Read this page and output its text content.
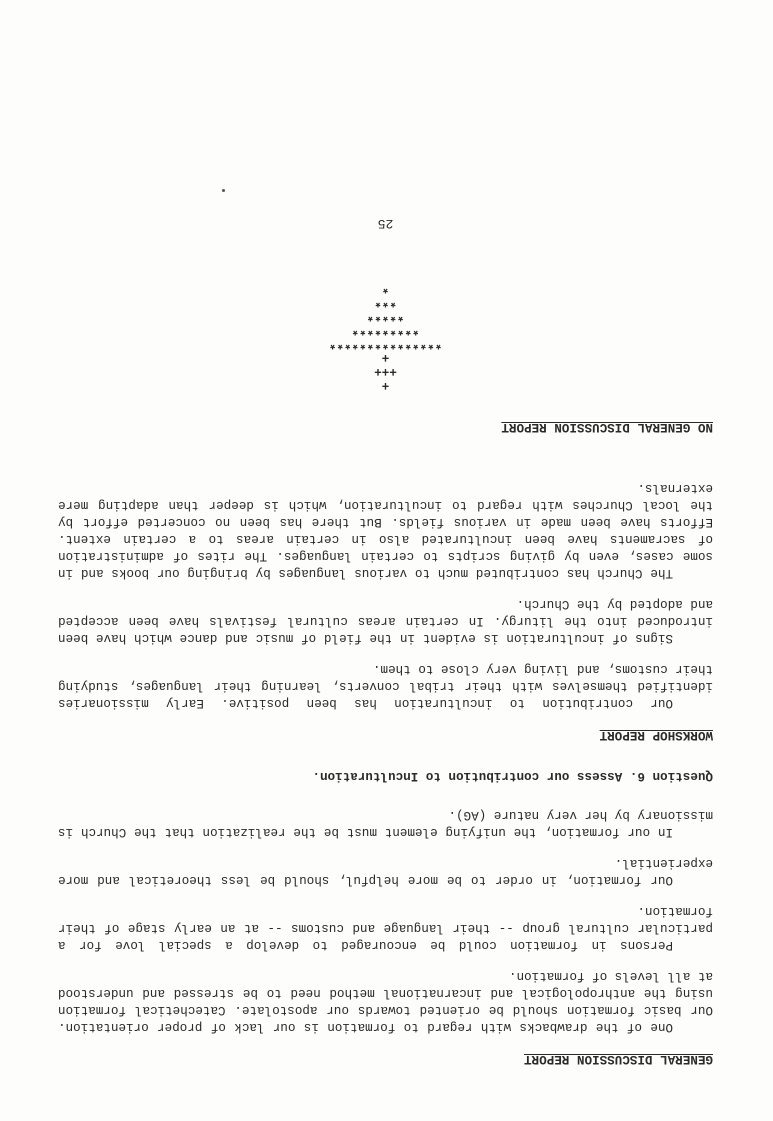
GENERAL DISCUSSION REPORT

One of the drawbacks with regard to formation is our lack of proper orientation. Our basic formation should be oriented towards our apostolate. Catechetical formation using the anthropological and incarnational method need to be stressed and understood at all levels of formation.

Persons in formation could be encouraged to develop a special love for a particular cultural group -- their language and customs -- at an early stage of their formation.

Our formation, in order to be more helpful, should be less theoretical and more experiential.

In our formation, the unifying element must be the realization that the Church is missionary by her very nature (AG).

Question 6. Assess our contribution to Inculturation.

WORKSHOP REPORT

Our contribution to inculturation has been positive. Early missionaries identified themselves with their tribal converts, learning their languages, studying their customs, and living very close to them.

Signs of inculturation is evident in the field of music and dance which have been introduced into the liturgy. In certain areas cultural festivals have been accepted and adopted by the Church.

The Church has contributed much to various languages by bringing our books and in some cases, even by giving scripts to certain languages. The rites of administration of sacraments have been inculturated also in certain areas to a certain extent. Efforts have been made in various fields. But there has been no concerted effort by the local Churches with regard to inculturation, which is deeper than adapting mere externals.

NO GENERAL DISCUSSION REPORT

+
+++
+
***************
*********
*****
***
*
25
